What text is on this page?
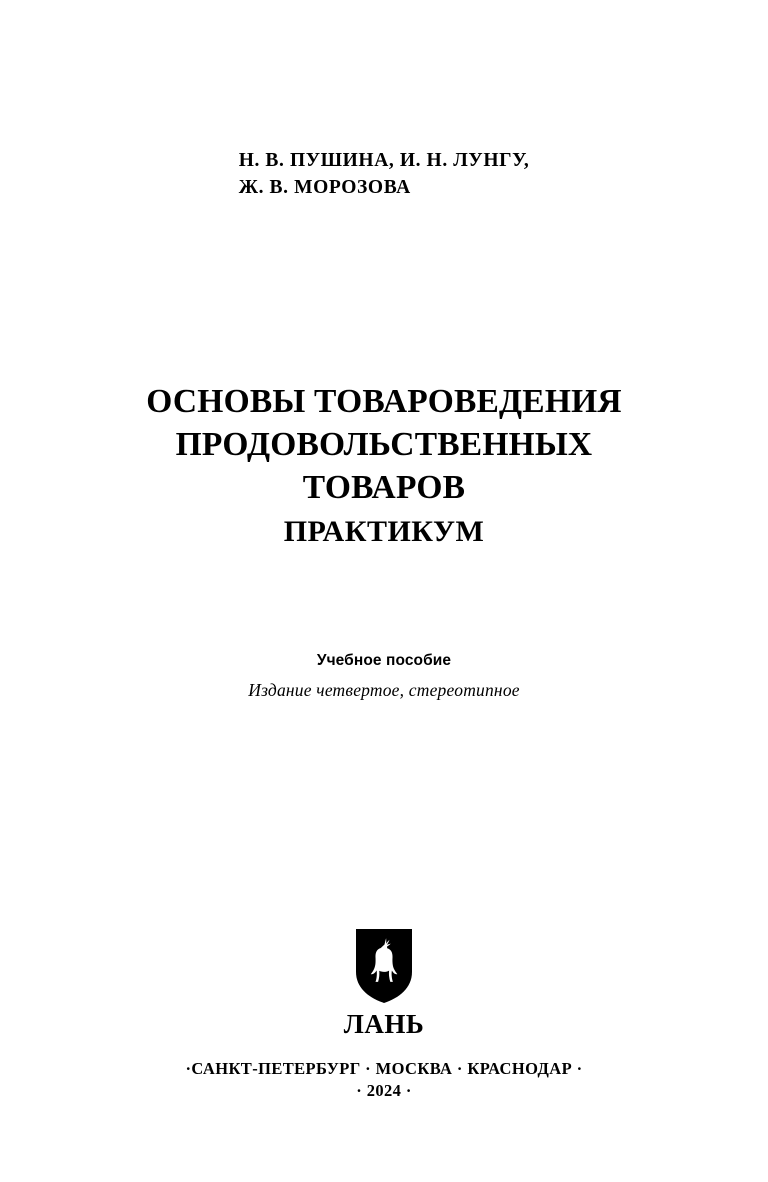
Н. В. ПУШИНА, И. Н. ЛУНГУ,
Ж. В. МОРОЗОВА
ОСНОВЫ ТОВАРОВЕДЕНИЯ
ПРОДОВОЛЬСТВЕННЫХ
ТОВАРОВ
ПРАКТИКУМ
Учебное пособие
Издание четвертое, стереотипное
ЛАНЬ
·САНКТ-ПЕТЕРБУРГ · МОСКВА · КРАСНОДАР ·
· 2024 ·
